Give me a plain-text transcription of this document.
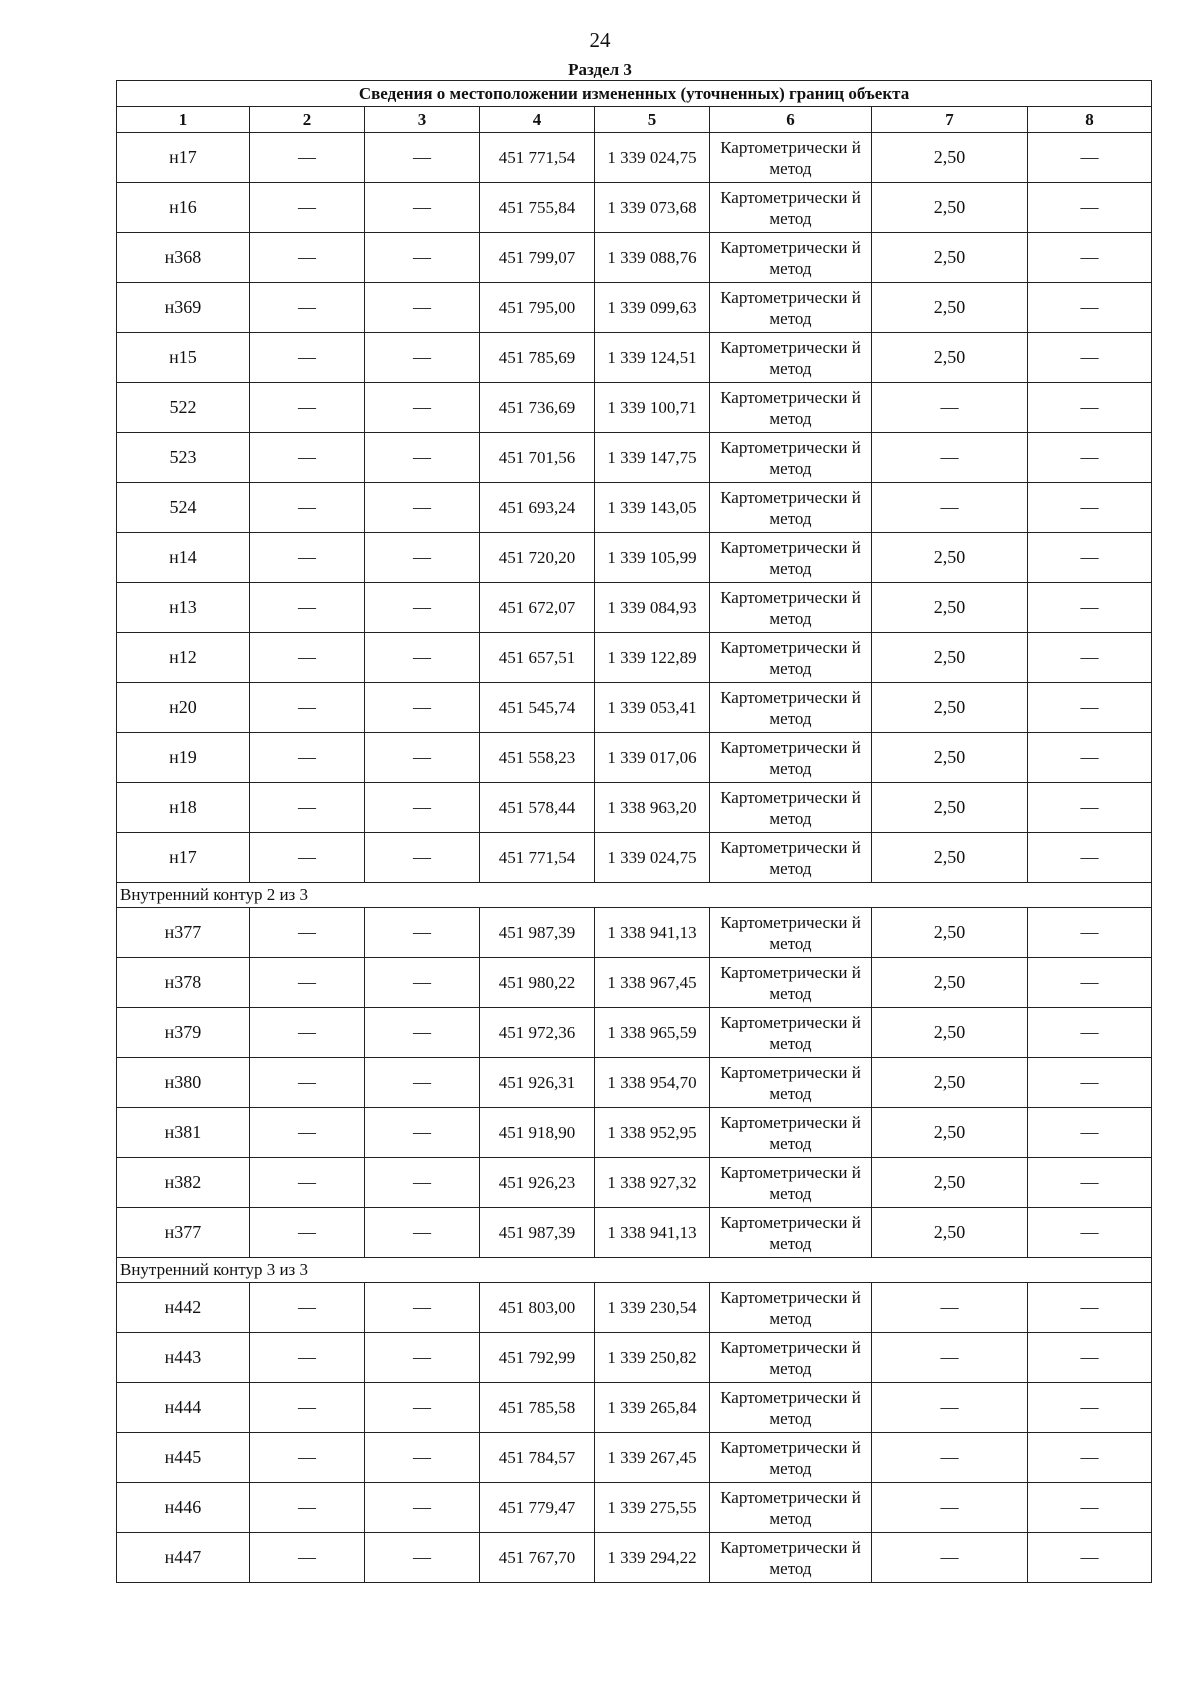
24
Раздел 3
Сведения о местоположении измененных (уточненных) границ объекта							
1	2	3	4	5	6	7	8
н17	—	—	451 771,54	1 339 024,75	Картометрически й метод	2,50	—
н16	—	—	451 755,84	1 339 073,68	Картометрически й метод	2,50	—
н368	—	—	451 799,07	1 339 088,76	Картометрически й метод	2,50	—
н369	—	—	451 795,00	1 339 099,63	Картометрически й метод	2,50	—
н15	—	—	451 785,69	1 339 124,51	Картометрически й метод	2,50	—
522	—	—	451 736,69	1 339 100,71	Картометрически й метод	—	—
523	—	—	451 701,56	1 339 147,75	Картометрически й метод	—	—
524	—	—	451 693,24	1 339 143,05	Картометрически й метод	—	—
н14	—	—	451 720,20	1 339 105,99	Картометрически й метод	2,50	—
н13	—	—	451 672,07	1 339 084,93	Картометрически й метод	2,50	—
н12	—	—	451 657,51	1 339 122,89	Картометрически й метод	2,50	—
н20	—	—	451 545,74	1 339 053,41	Картометрически й метод	2,50	—
н19	—	—	451 558,23	1 339 017,06	Картометрически й метод	2,50	—
н18	—	—	451 578,44	1 338 963,20	Картометрически й метод	2,50	—
н17	—	—	451 771,54	1 339 024,75	Картометрически й метод	2,50	—
Внутренний контур 2 из 3							
н377	—	—	451 987,39	1 338 941,13	Картометрически й метод	2,50	—
н378	—	—	451 980,22	1 338 967,45	Картометрически й метод	2,50	—
н379	—	—	451 972,36	1 338 965,59	Картометрически й метод	2,50	—
н380	—	—	451 926,31	1 338 954,70	Картометрически й метод	2,50	—
н381	—	—	451 918,90	1 338 952,95	Картометрически й метод	2,50	—
н382	—	—	451 926,23	1 338 927,32	Картометрически й метод	2,50	—
н377	—	—	451 987,39	1 338 941,13	Картометрически й метод	2,50	—
Внутренний контур 3 из 3							
н442	—	—	451 803,00	1 339 230,54	Картометрически й метод	—	—
н443	—	—	451 792,99	1 339 250,82	Картометрически й метод	—	—
н444	—	—	451 785,58	1 339 265,84	Картометрически й метод	—	—
н445	—	—	451 784,57	1 339 267,45	Картометрически й метод	—	—
н446	—	—	451 779,47	1 339 275,55	Картометрически й метод	—	—
н447	—	—	451 767,70	1 339 294,22	Картометрически й метод	—	—
